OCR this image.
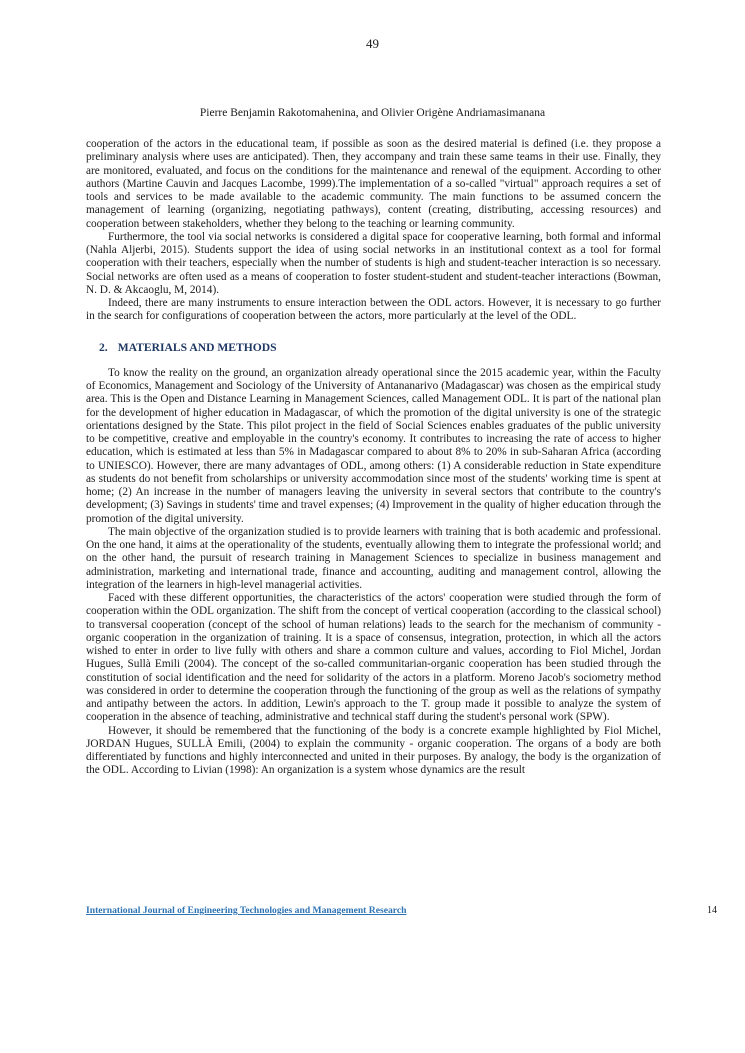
49
Pierre Benjamin Rakotomahenina, and Olivier Origène Andriamasimanana

cooperation of the actors in the educational team, if possible as soon as the desired material is defined (i.e. they propose a preliminary analysis where uses are anticipated). Then, they accompany and train these same teams in their use. Finally, they are monitored, evaluated, and focus on the conditions for the maintenance and renewal of the equipment. According to other authors (Martine Cauvin and Jacques Lacombe, 1999).The implementation of a so-called "virtual" approach requires a set of tools and services to be made available to the academic community. The main functions to be assumed concern the management of learning (organizing, negotiating pathways), content (creating, distributing, accessing resources) and cooperation between stakeholders, whether they belong to the teaching or learning community.

Furthermore, the tool via social networks is considered a digital space for cooperative learning, both formal and informal (Nahla Aljerbi, 2015). Students support the idea of using social networks in an institutional context as a tool for formal cooperation with their teachers, especially when the number of students is high and student-teacher interaction is so necessary. Social networks are often used as a means of cooperation to foster student-student and student-teacher interactions (Bowman, N. D. & Akcaoglu, M, 2014).

Indeed, there are many instruments to ensure interaction between the ODL actors. However, it is necessary to go further in the search for configurations of cooperation between the actors, more particularly at the level of the ODL.

2. MATERIALS AND METHODS

To know the reality on the ground, an organization already operational since the 2015 academic year, within the Faculty of Economics, Management and Sociology of the University of Antananarivo (Madagascar) was chosen as the empirical study area. This is the Open and Distance Learning in Management Sciences, called Management ODL. It is part of the national plan for the development of higher education in Madagascar, of which the promotion of the digital university is one of the strategic orientations designed by the State. This pilot project in the field of Social Sciences enables graduates of the public university to be competitive, creative and employable in the country's economy. It contributes to increasing the rate of access to higher education, which is estimated at less than 5% in Madagascar compared to about 8% to 20% in sub-Saharan Africa (according to UNIESCO). However, there are many advantages of ODL, among others: (1) A considerable reduction in State expenditure as students do not benefit from scholarships or university accommodation since most of the students' working time is spent at home; (2) An increase in the number of managers leaving the university in several sectors that contribute to the country's development; (3) Savings in students' time and travel expenses; (4) Improvement in the quality of higher education through the promotion of the digital university.

The main objective of the organization studied is to provide learners with training that is both academic and professional. On the one hand, it aims at the operationality of the students, eventually allowing them to integrate the professional world; and on the other hand, the pursuit of research training in Management Sciences to specialize in business management and administration, marketing and international trade, finance and accounting, auditing and management control, allowing the integration of the learners in high-level managerial activities.

Faced with these different opportunities, the characteristics of the actors' cooperation were studied through the form of cooperation within the ODL organization. The shift from the concept of vertical cooperation (according to the classical school) to transversal cooperation (concept of the school of human relations) leads to the search for the mechanism of community - organic cooperation in the organization of training. It is a space of consensus, integration, protection, in which all the actors wished to enter in order to live fully with others and share a common culture and values, according to Fiol Michel, Jordan Hugues, Sullà Emili (2004). The concept of the so-called communitarian-organic cooperation has been studied through the constitution of social identification and the need for solidarity of the actors in a platform. Moreno Jacob's sociometry method was considered in order to determine the cooperation through the functioning of the group as well as the relations of sympathy and antipathy between the actors. In addition, Lewin's approach to the T. group made it possible to analyze the system of cooperation in the absence of teaching, administrative and technical staff during the student's personal work (SPW).

However, it should be remembered that the functioning of the body is a concrete example highlighted by Fiol Michel, JORDAN Hugues, SULLÀ Emili, (2004) to explain the community - organic cooperation. The organs of a body are both differentiated by functions and highly interconnected and united in their purposes. By analogy, the body is the organization of the ODL. According to Livian (1998): An organization is a system whose dynamics are the result

International Journal of Engineering Technologies and Management Research	14
